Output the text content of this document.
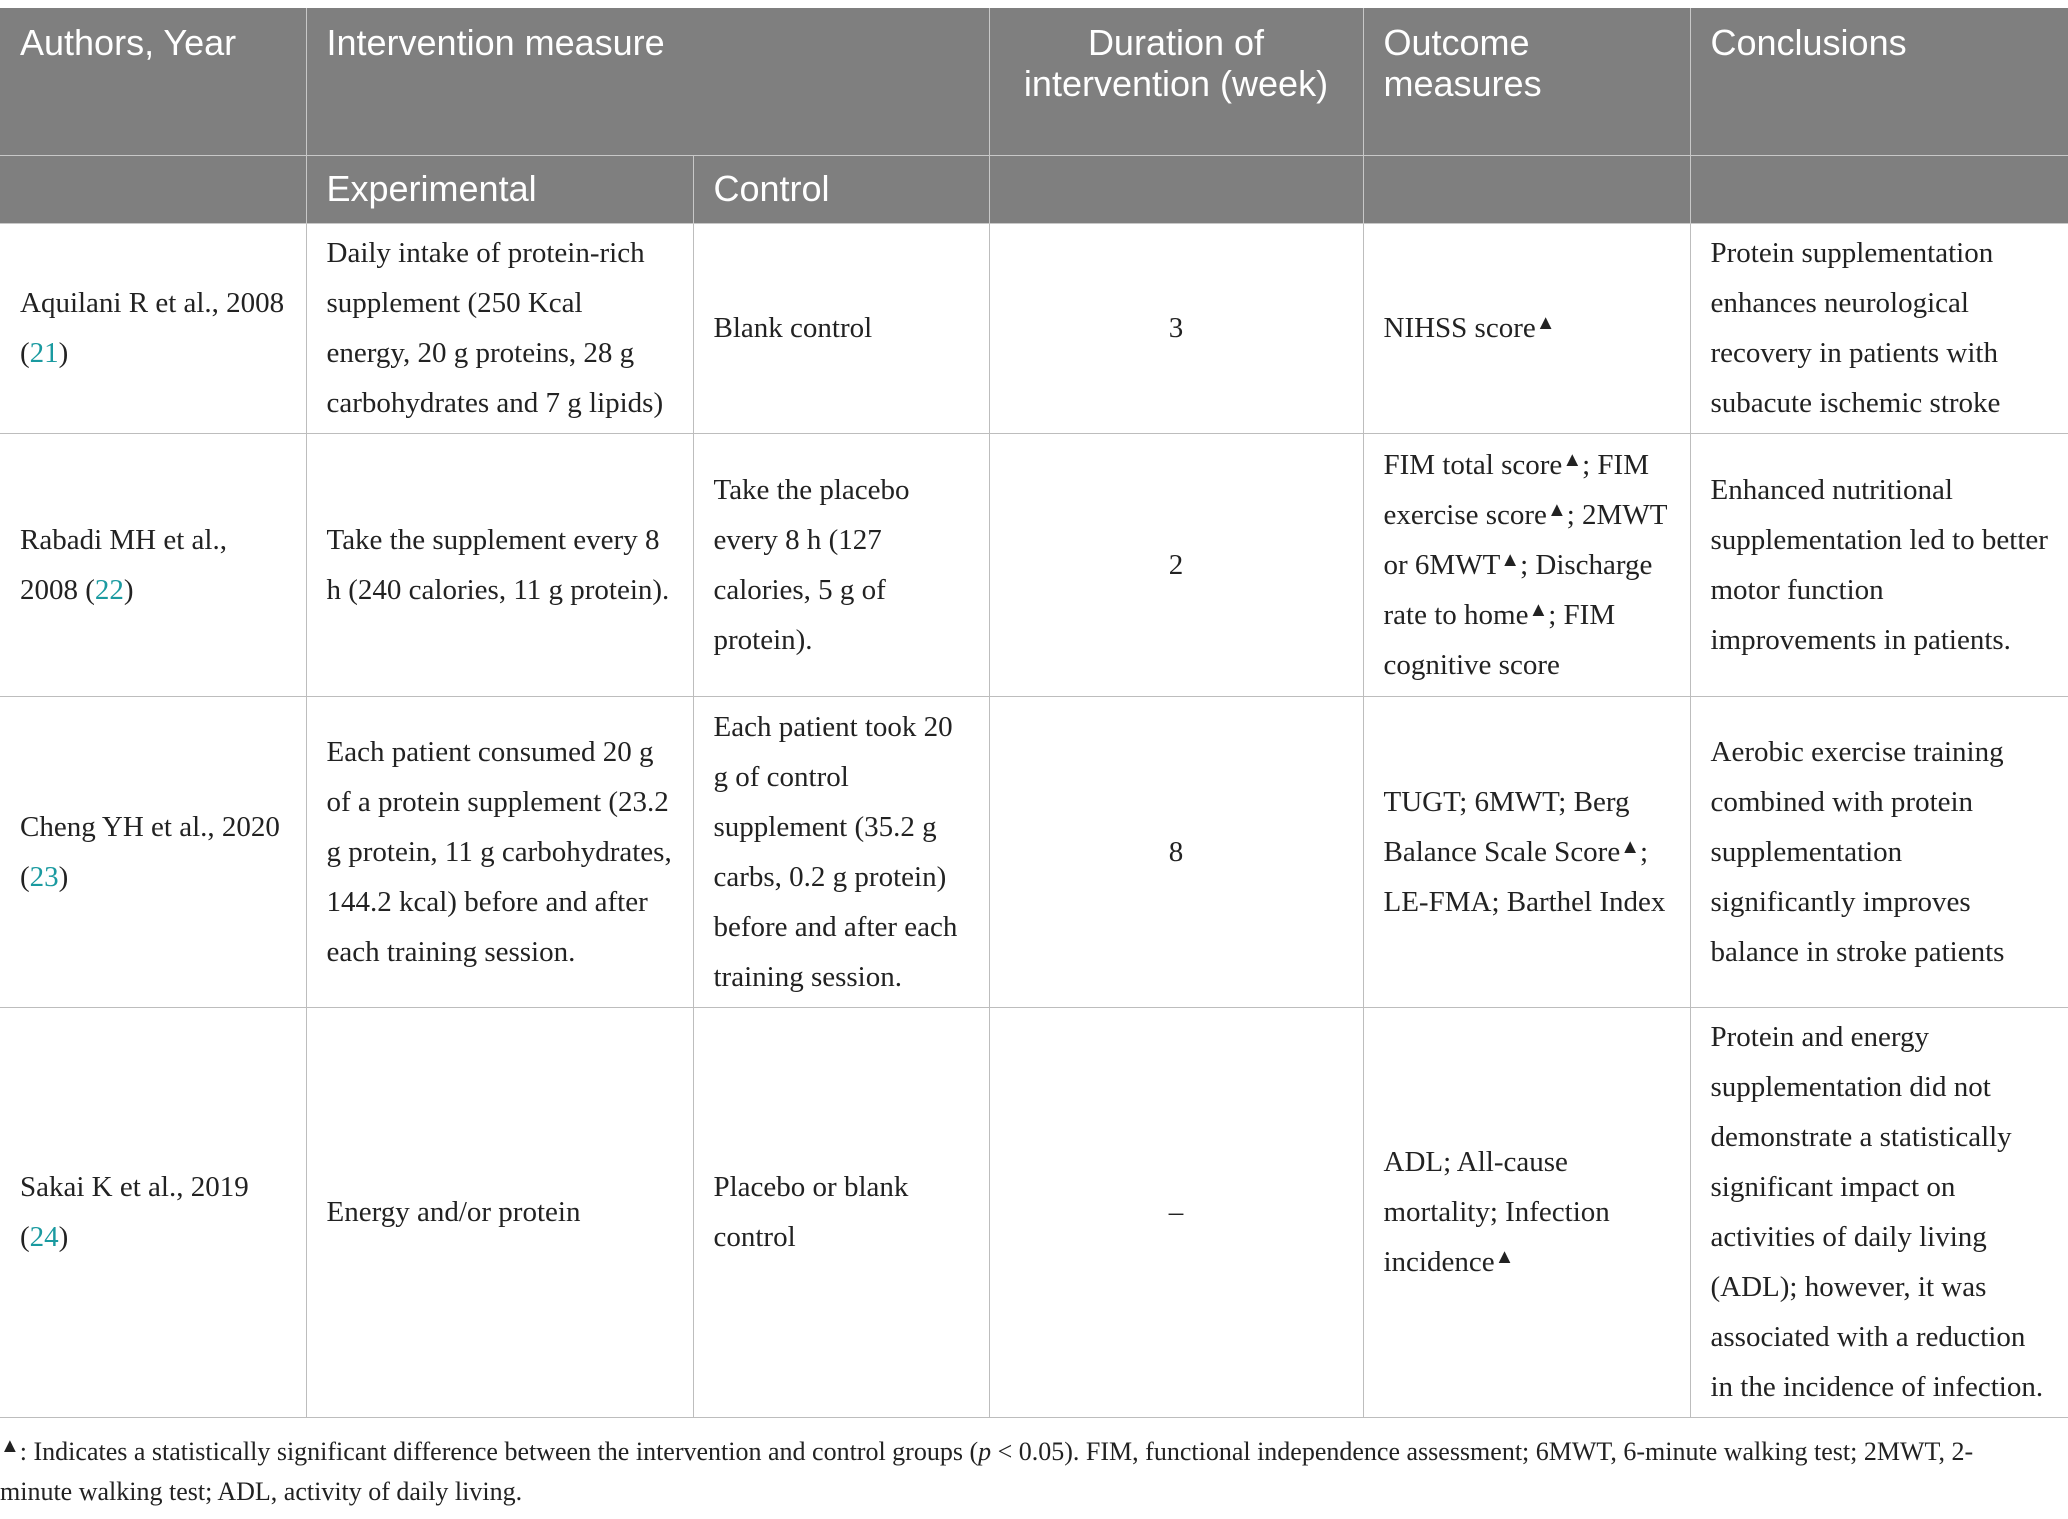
Authors, Year	Intervention measure		Duration of intervention (week)	Outcome measures	Conclusions
	Experimental	Control			
Aquilani R et al., 2008 (21)	Daily intake of protein-rich supplement (250 Kcal energy, 20 g proteins, 28 g carbohydrates and 7 g lipids)	Blank control	3	NIHSS score▲	Protein supplementation enhances neurological recovery in patients with subacute ischemic stroke
Rabadi MH et al., 2008 (22)	Take the supplement every 8 h (240 calories, 11 g protein).	Take the placebo every 8 h (127 calories, 5 g of protein).	2	FIM total score▲; FIM exercise score▲; 2MWT or 6MWT▲; Discharge rate to home▲; FIM cognitive score	Enhanced nutritional supplementation led to better motor function improvements in patients.
Cheng YH et al., 2020 (23)	Each patient consumed 20 g of a protein supplement (23.2 g protein, 11 g carbohydrates, 144.2 kcal) before and after each training session.	Each patient took 20 g of control supplement (35.2 g carbs, 0.2 g protein) before and after each training session.	8	TUGT; 6MWT; Berg Balance Scale Score▲; LE-FMA; Barthel Index	Aerobic exercise training combined with protein supplementation significantly improves balance in stroke patients
Sakai K et al., 2019 (24)	Energy and/or protein	Placebo or blank control	–	ADL; All-cause mortality; Infection incidence▲	Protein and energy supplementation did not demonstrate a statistically significant impact on activities of daily living (ADL); however, it was associated with a reduction in the incidence of infection.
▲: Indicates a statistically significant difference between the intervention and control groups (p < 0.05). FIM, functional independence assessment; 6MWT, 6-minute walking test; 2MWT, 2-minute walking test; ADL, activity of daily living.
